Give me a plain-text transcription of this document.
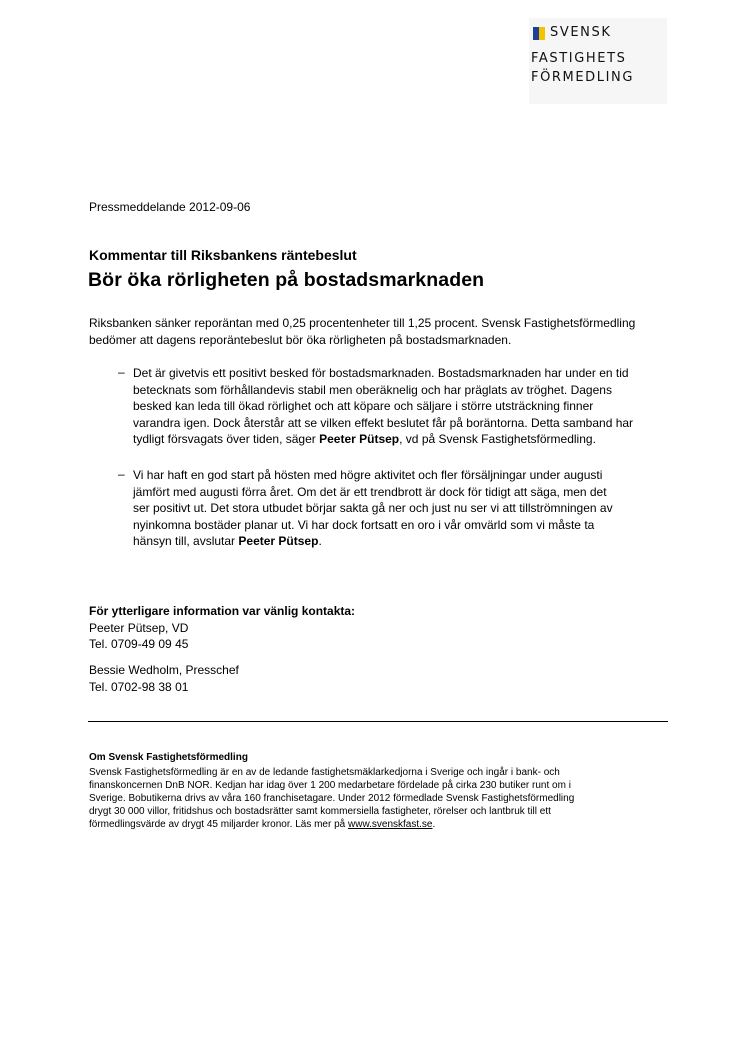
SVENSK
FASTIGHETS
FÖRMEDLING
Pressmeddelande 2012-09-06
Kommentar till Riksbankens räntebeslut
Bör öka rörligheten på bostadsmarknaden
Riksbanken sänker reporäntan med 0,25 procentenheter till 1,25 procent. Svensk Fastighetsförmedling
bedömer att dagens reporäntebeslut bör öka rörligheten på bostadsmarknaden.
– Det är givetvis ett positivt besked för bostadsmarknaden. Bostadsmarknaden har under en tid
betecknats som förhållandevis stabil men oberäknelig och har präglats av tröghet. Dagens
besked kan leda till ökad rörlighet och att köpare och säljare i större utsträckning finner
varandra igen. Dock återstår att se vilken effekt beslutet får på boräntorna. Detta samband har
tydligt försvagats över tiden, säger Peeter Pütsep, vd på Svensk Fastighetsförmedling.
– Vi har haft en god start på hösten med högre aktivitet och fler försäljningar under augusti
jämfört med augusti förra året. Om det är ett trendbrott är dock för tidigt att säga, men det
ser positivt ut. Det stora utbudet börjar sakta gå ner och just nu ser vi att tillströmningen av
nyinkomna bostäder planar ut. Vi har dock fortsatt en oro i vår omvärld som vi måste ta
hänsyn till, avslutar Peeter Pütsep.
För ytterligare information var vänlig kontakta:
Peeter Pütsep, VD
Tel. 0709-49 09 45
Bessie Wedholm, Presschef
Tel. 0702-98 38 01
Om Svensk Fastighetsförmedling
Svensk Fastighetsförmedling är en av de ledande fastighetsmäklarkedjorna i Sverige och ingår i bank- och
finanskoncernen DnB NOR. Kedjan har idag över 1 200 medarbetare fördelade på cirka 230 butiker runt om i
Sverige. Bobutikerna drivs av våra 160 franchisetagare. Under 2012 förmedlade Svensk Fastighetsförmedling
drygt 30 000 villor, fritidshus och bostadsrätter samt kommersiella fastigheter, rörelser och lantbruk till ett
förmedlingsvärde av drygt 45 miljarder kronor. Läs mer på www.svenskfast.se.
